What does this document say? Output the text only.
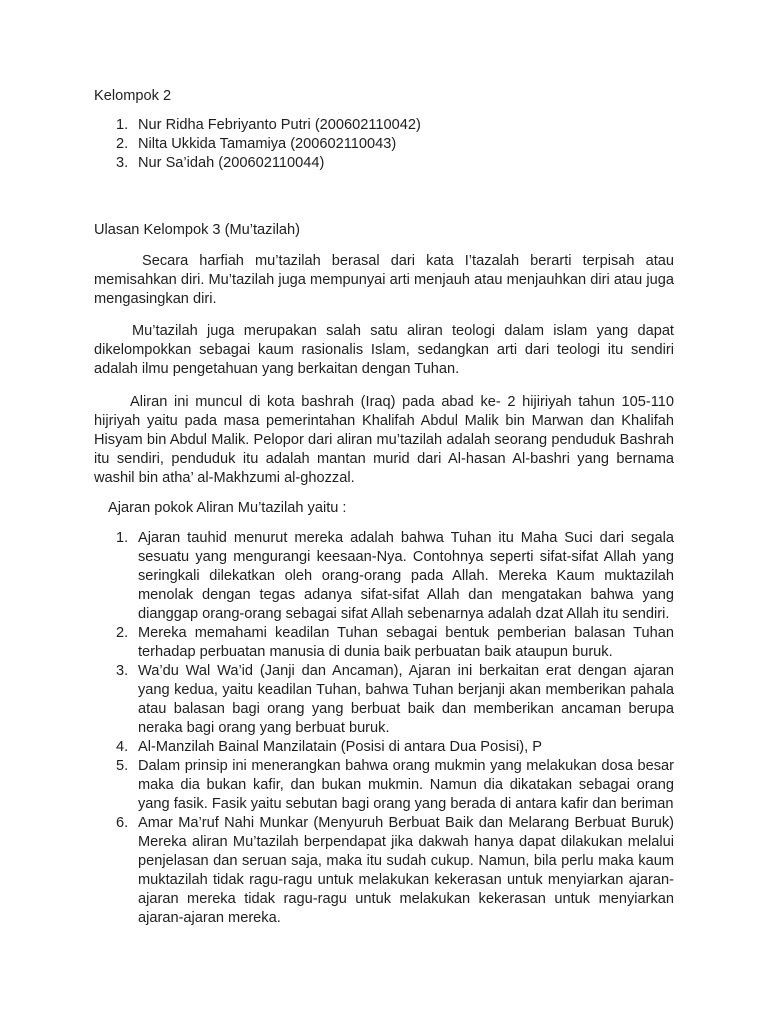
Kelompok 2

1. Nur Ridha Febriyanto Putri (200602110042)
2. Nilta Ukkida Tamamiya (200602110043)
3. Nur Sa’idah (200602110044)

Ulasan Kelompok 3 (Mu’tazilah)

Secara harfiah mu’tazilah berasal dari kata I’tazalah berarti terpisah atau memisahkan diri. Mu’tazilah juga mempunyai arti menjauh atau menjauhkan diri atau juga mengasingkan diri.

Mu’tazilah juga merupakan salah satu aliran teologi dalam islam yang dapat dikelompokkan sebagai kaum rasionalis Islam, sedangkan arti dari teologi itu sendiri adalah ilmu pengetahuan yang berkaitan dengan Tuhan.

Aliran ini muncul di kota bashrah (Iraq) pada abad ke- 2 hijiriyah tahun 105-110 hijriyah yaitu pada masa pemerintahan Khalifah Abdul Malik bin Marwan dan Khalifah Hisyam bin Abdul Malik. Pelopor dari aliran mu’tazilah adalah seorang penduduk Bashrah itu sendiri, penduduk itu adalah mantan murid dari Al-hasan Al-bashri yang bernama washil bin atha’ al-Makhzumi al-ghozzal.

Ajaran pokok Aliran Mu’tazilah yaitu :

1. Ajaran tauhid menurut mereka adalah bahwa Tuhan itu Maha Suci dari segala sesuatu yang mengurangi keesaan-Nya. Contohnya seperti sifat-sifat Allah yang seringkali dilekatkan oleh orang-orang pada Allah. Mereka Kaum muktazilah menolak dengan tegas adanya sifat-sifat Allah dan mengatakan bahwa yang dianggap orang-orang sebagai sifat Allah sebenarnya adalah dzat Allah itu sendiri.
2. Mereka memahami keadilan Tuhan sebagai bentuk pemberian balasan Tuhan terhadap perbuatan manusia di dunia baik perbuatan baik ataupun buruk.
3. Wa’du Wal Wa’id (Janji dan Ancaman), Ajaran ini berkaitan erat dengan ajaran yang kedua, yaitu keadilan Tuhan, bahwa Tuhan berjanji akan memberikan pahala atau balasan bagi orang yang berbuat baik dan memberikan ancaman berupa neraka bagi orang yang berbuat buruk.
4. Al-Manzilah Bainal Manzilatain (Posisi di antara Dua Posisi), P
5. Dalam prinsip ini menerangkan bahwa orang mukmin yang melakukan dosa besar maka dia bukan kafir, dan bukan mukmin. Namun dia dikatakan sebagai orang yang fasik. Fasik yaitu sebutan bagi orang yang berada di antara kafir dan beriman
6. Amar Ma’ruf Nahi Munkar (Menyuruh Berbuat Baik dan Melarang Berbuat Buruk) Mereka aliran Mu’tazilah berpendapat jika dakwah hanya dapat dilakukan melalui penjelasan dan seruan saja, maka itu sudah cukup. Namun, bila perlu maka kaum muktazilah tidak ragu-ragu untuk melakukan kekerasan untuk menyiarkan ajaran-ajaran mereka tidak ragu-ragu untuk melakukan kekerasan untuk menyiarkan ajaran-ajaran mereka.
